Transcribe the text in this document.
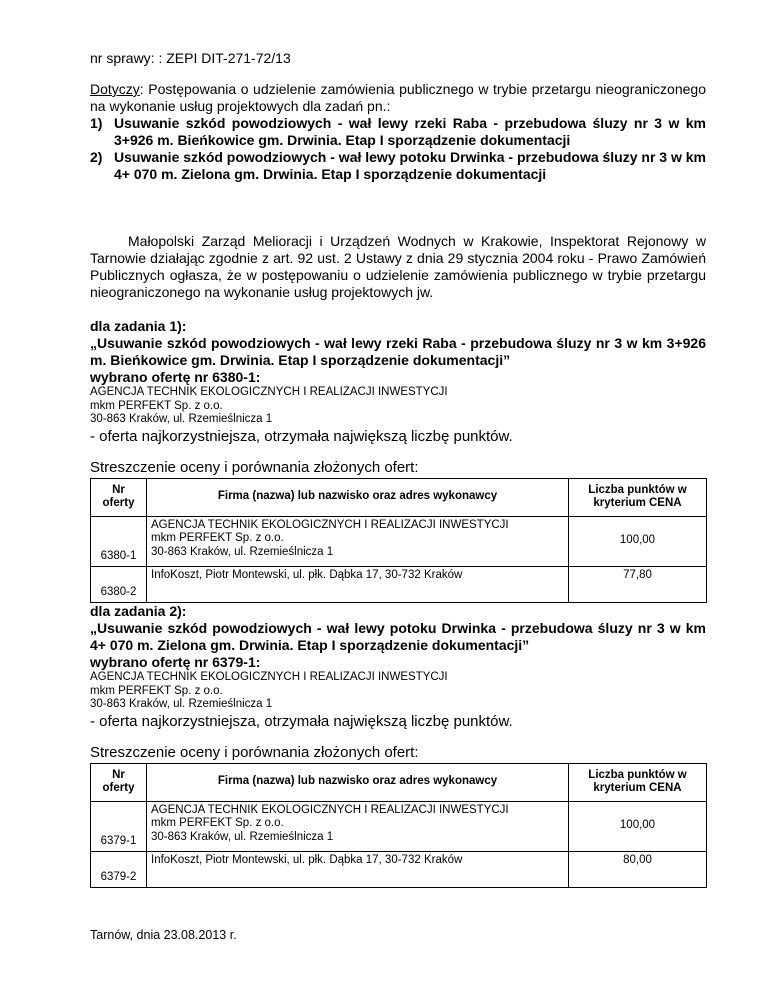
nr sprawy: : ZEPI DIT-271-72/13

Dotyczy: Postępowania o udzielenie zamówienia publicznego w trybie przetargu nieograniczonego na wykonanie usług projektowych dla zadań pn.:

1) Usuwanie szkód powodziowych - wał lewy rzeki Raba - przebudowa śluzy nr 3 w km 3+926 m. Bieńkowice gm. Drwinia. Etap I sporządzenie dokumentacji
2) Usuwanie szkód powodziowych - wał lewy potoku Drwinka - przebudowa śluzy nr 3 w km 4+ 070 m. Zielona gm. Drwinia. Etap I sporządzenie dokumentacji

Małopolski Zarząd Melioracji i Urządzeń Wodnych w Krakowie, Inspektorat Rejonowy w Tarnowie działając zgodnie z art. 92 ust. 2 Ustawy z dnia 29 stycznia 2004 roku - Prawo Zamówień Publicznych ogłasza, że w postępowaniu o udzielenie zamówienia publicznego w trybie przetargu nieograniczonego na wykonanie usług projektowych jw.

dla zadania 1):

„Usuwanie szkód powodziowych - wał lewy rzeki Raba - przebudowa śluzy nr 3 w km 3+926 m. Bieńkowice gm. Drwinia. Etap I sporządzenie dokumentacji”

wybrano ofertę nr 6380-1:

AGENCJA TECHNIK EKOLOGICZNYCH I REALIZACJI INWESTYCJI

mkm PERFEKT Sp. z o.o.

30-863 Kraków, ul. Rzemieślnicza 1

- oferta najkorzystniejsza, otrzymała największą liczbę punktów.

Streszczenie oceny i porównania złożonych ofert:

Nr oferty	Firma (nazwa) lub nazwisko oraz adres wykonawcy	Liczba punktów w kryterium CENA
6380-1	AGENCJA TECHNIK EKOLOGICZNYCH I REALIZACJI INWESTYCJI
mkm PERFEKT Sp. z o.o.
30-863 Kraków, ul. Rzemieślnicza 1	100,00
6380-2	InfoKoszt, Piotr Montewski, ul. płk. Dąbka 17, 30-732 Kraków	77,80

dla zadania 2):

„Usuwanie szkód powodziowych - wał lewy potoku Drwinka - przebudowa śluzy nr 3 w km 4+ 070 m. Zielona gm. Drwinia. Etap I sporządzenie dokumentacji”

wybrano ofertę nr 6379-1:

AGENCJA TECHNIK EKOLOGICZNYCH I REALIZACJI INWESTYCJI

mkm PERFEKT Sp. z o.o.

30-863 Kraków, ul. Rzemieślnicza 1

- oferta najkorzystniejsza, otrzymała największą liczbę punktów.

Streszczenie oceny i porównania złożonych ofert:

Nr oferty	Firma (nazwa) lub nazwisko oraz adres wykonawcy	Liczba punktów w kryterium CENA
6379-1	AGENCJA TECHNIK EKOLOGICZNYCH I REALIZACJI INWESTYCJI
mkm PERFEKT Sp. z o.o.
30-863 Kraków, ul. Rzemieślnicza 1	100,00
6379-2	InfoKoszt, Piotr Montewski, ul. płk. Dąbka 17, 30-732 Kraków	80,00

Tarnów, dnia 23.08.2013 r.
